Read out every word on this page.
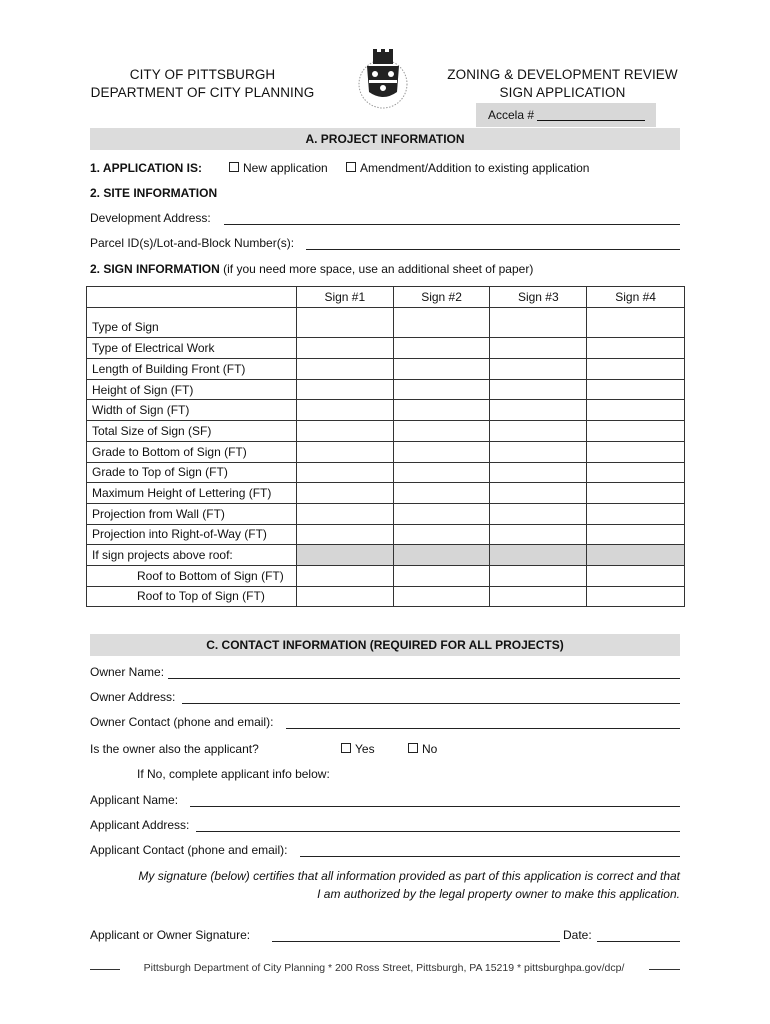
CITY OF PITTSBURGH
DEPARTMENT OF CITY PLANNING
ZONING & DEVELOPMENT REVIEW
SIGN APPLICATION
Accela #
A. PROJECT INFORMATION
1. APPLICATION IS:	New application	Amendment/Addition to existing application
2. SITE INFORMATION
Development Address:
Parcel ID(s)/Lot-and-Block Number(s):
2. SIGN INFORMATION (if you need more space, use an additional sheet of paper)
	Sign #1	Sign #2	Sign #3	Sign #4

Type of Sign				
Type of Electrical Work				
Length of Building Front (FT)				
Height of Sign (FT)				
Width of Sign (FT)				
Total Size of Sign (SF)				
Grade to Bottom of Sign (FT)				
Grade to Top of Sign (FT)				
Maximum Height of Lettering (FT)				
Projection from Wall (FT)				
Projection into Right-of-Way (FT)				
If sign projects above roof:				
Roof to Bottom of Sign (FT)				
Roof to Top of Sign (FT)				
C. CONTACT INFORMATION (REQUIRED FOR ALL PROJECTS)
Owner Name:
Owner Address:
Owner Contact (phone and email):
Is the owner also the applicant?	Yes	No
If No, complete applicant info below:
Applicant Name:
Applicant Address:
Applicant Contact (phone and email):
My signature (below) certifies that all information provided as part of this application is correct and that
I am authorized by the legal property owner to make this application.
Applicant or Owner Signature:	Date:
Pittsburgh Department of City Planning * 200 Ross Street, Pittsburgh, PA 15219 * pittsburghpa.gov/dcp/
